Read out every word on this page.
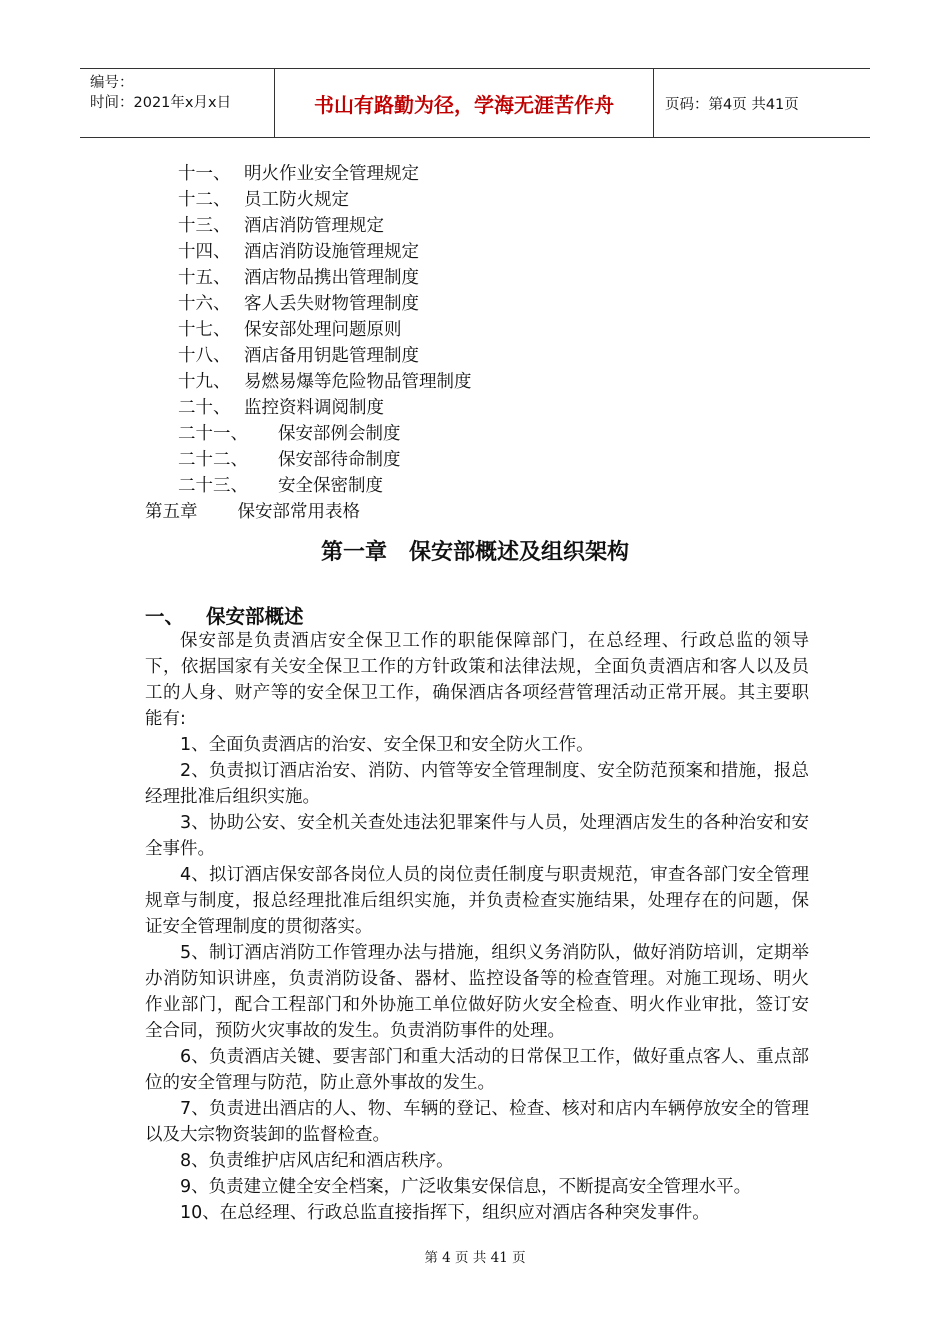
编号：
时间：2021年x月x日	书山有路勤为径，学海无涯苦作舟	页码：第4页 共41页
十一、 明火作业安全管理规定
十二、 员工防火规定
十三、 酒店消防管理规定
十四、 酒店消防设施管理规定
十五、 酒店物品携出管理制度
十六、 客人丢失财物管理制度
十七、 保安部处理问题原则
十八、 酒店备用钥匙管理制度
十九、 易燃易爆等危险物品管理制度
二十、 监控资料调阅制度
二十一、 保安部例会制度
二十二、 保安部待命制度
二十三、 安全保密制度
第五章 保安部常用表格
第一章　保安部概述及组织架构
一、 保安部概述

保安部是负责酒店安全保卫工作的职能保障部门，在总经理、行政总监的领导下，依据国家有关安全保卫工作的方针政策和法律法规，全面负责酒店和客人以及员工的人身、财产等的安全保卫工作，确保酒店各项经营管理活动正常开展。其主要职能有:

1、全面负责酒店的治安、安全保卫和安全防火工作。

2、负责拟订酒店治安、消防、内管等安全管理制度、安全防范预案和措施，报总经理批准后组织实施。

3、协助公安、安全机关查处违法犯罪案件与人员，处理酒店发生的各种治安和安全事件。

4、拟订酒店保安部各岗位人员的岗位责任制度与职责规范，审查各部门安全管理规章与制度，报总经理批准后组织实施，并负责检查实施结果，处理存在的问题，保证安全管理制度的贯彻落实。

5、制订酒店消防工作管理办法与措施，组织义务消防队，做好消防培训，定期举办消防知识讲座，负责消防设备、器材、监控设备等的检查管理。对施工现场、明火作业部门，配合工程部门和外协施工单位做好防火安全检查、明火作业审批，签订安全合同，预防火灾事故的发生。负责消防事件的处理。

6、负责酒店关键、要害部门和重大活动的日常保卫工作，做好重点客人、重点部位的安全管理与防范，防止意外事故的发生。

7、负责进出酒店的人、物、车辆的登记、检查、核对和店内车辆停放安全的管理以及大宗物资装卸的监督检查。

8、负责维护店风店纪和酒店秩序。

9、负责建立健全安全档案，广泛收集安保信息，不断提高安全管理水平。

10、在总经理、行政总监直接指挥下，组织应对酒店各种突发事件。

第 4 页 共 41 页
